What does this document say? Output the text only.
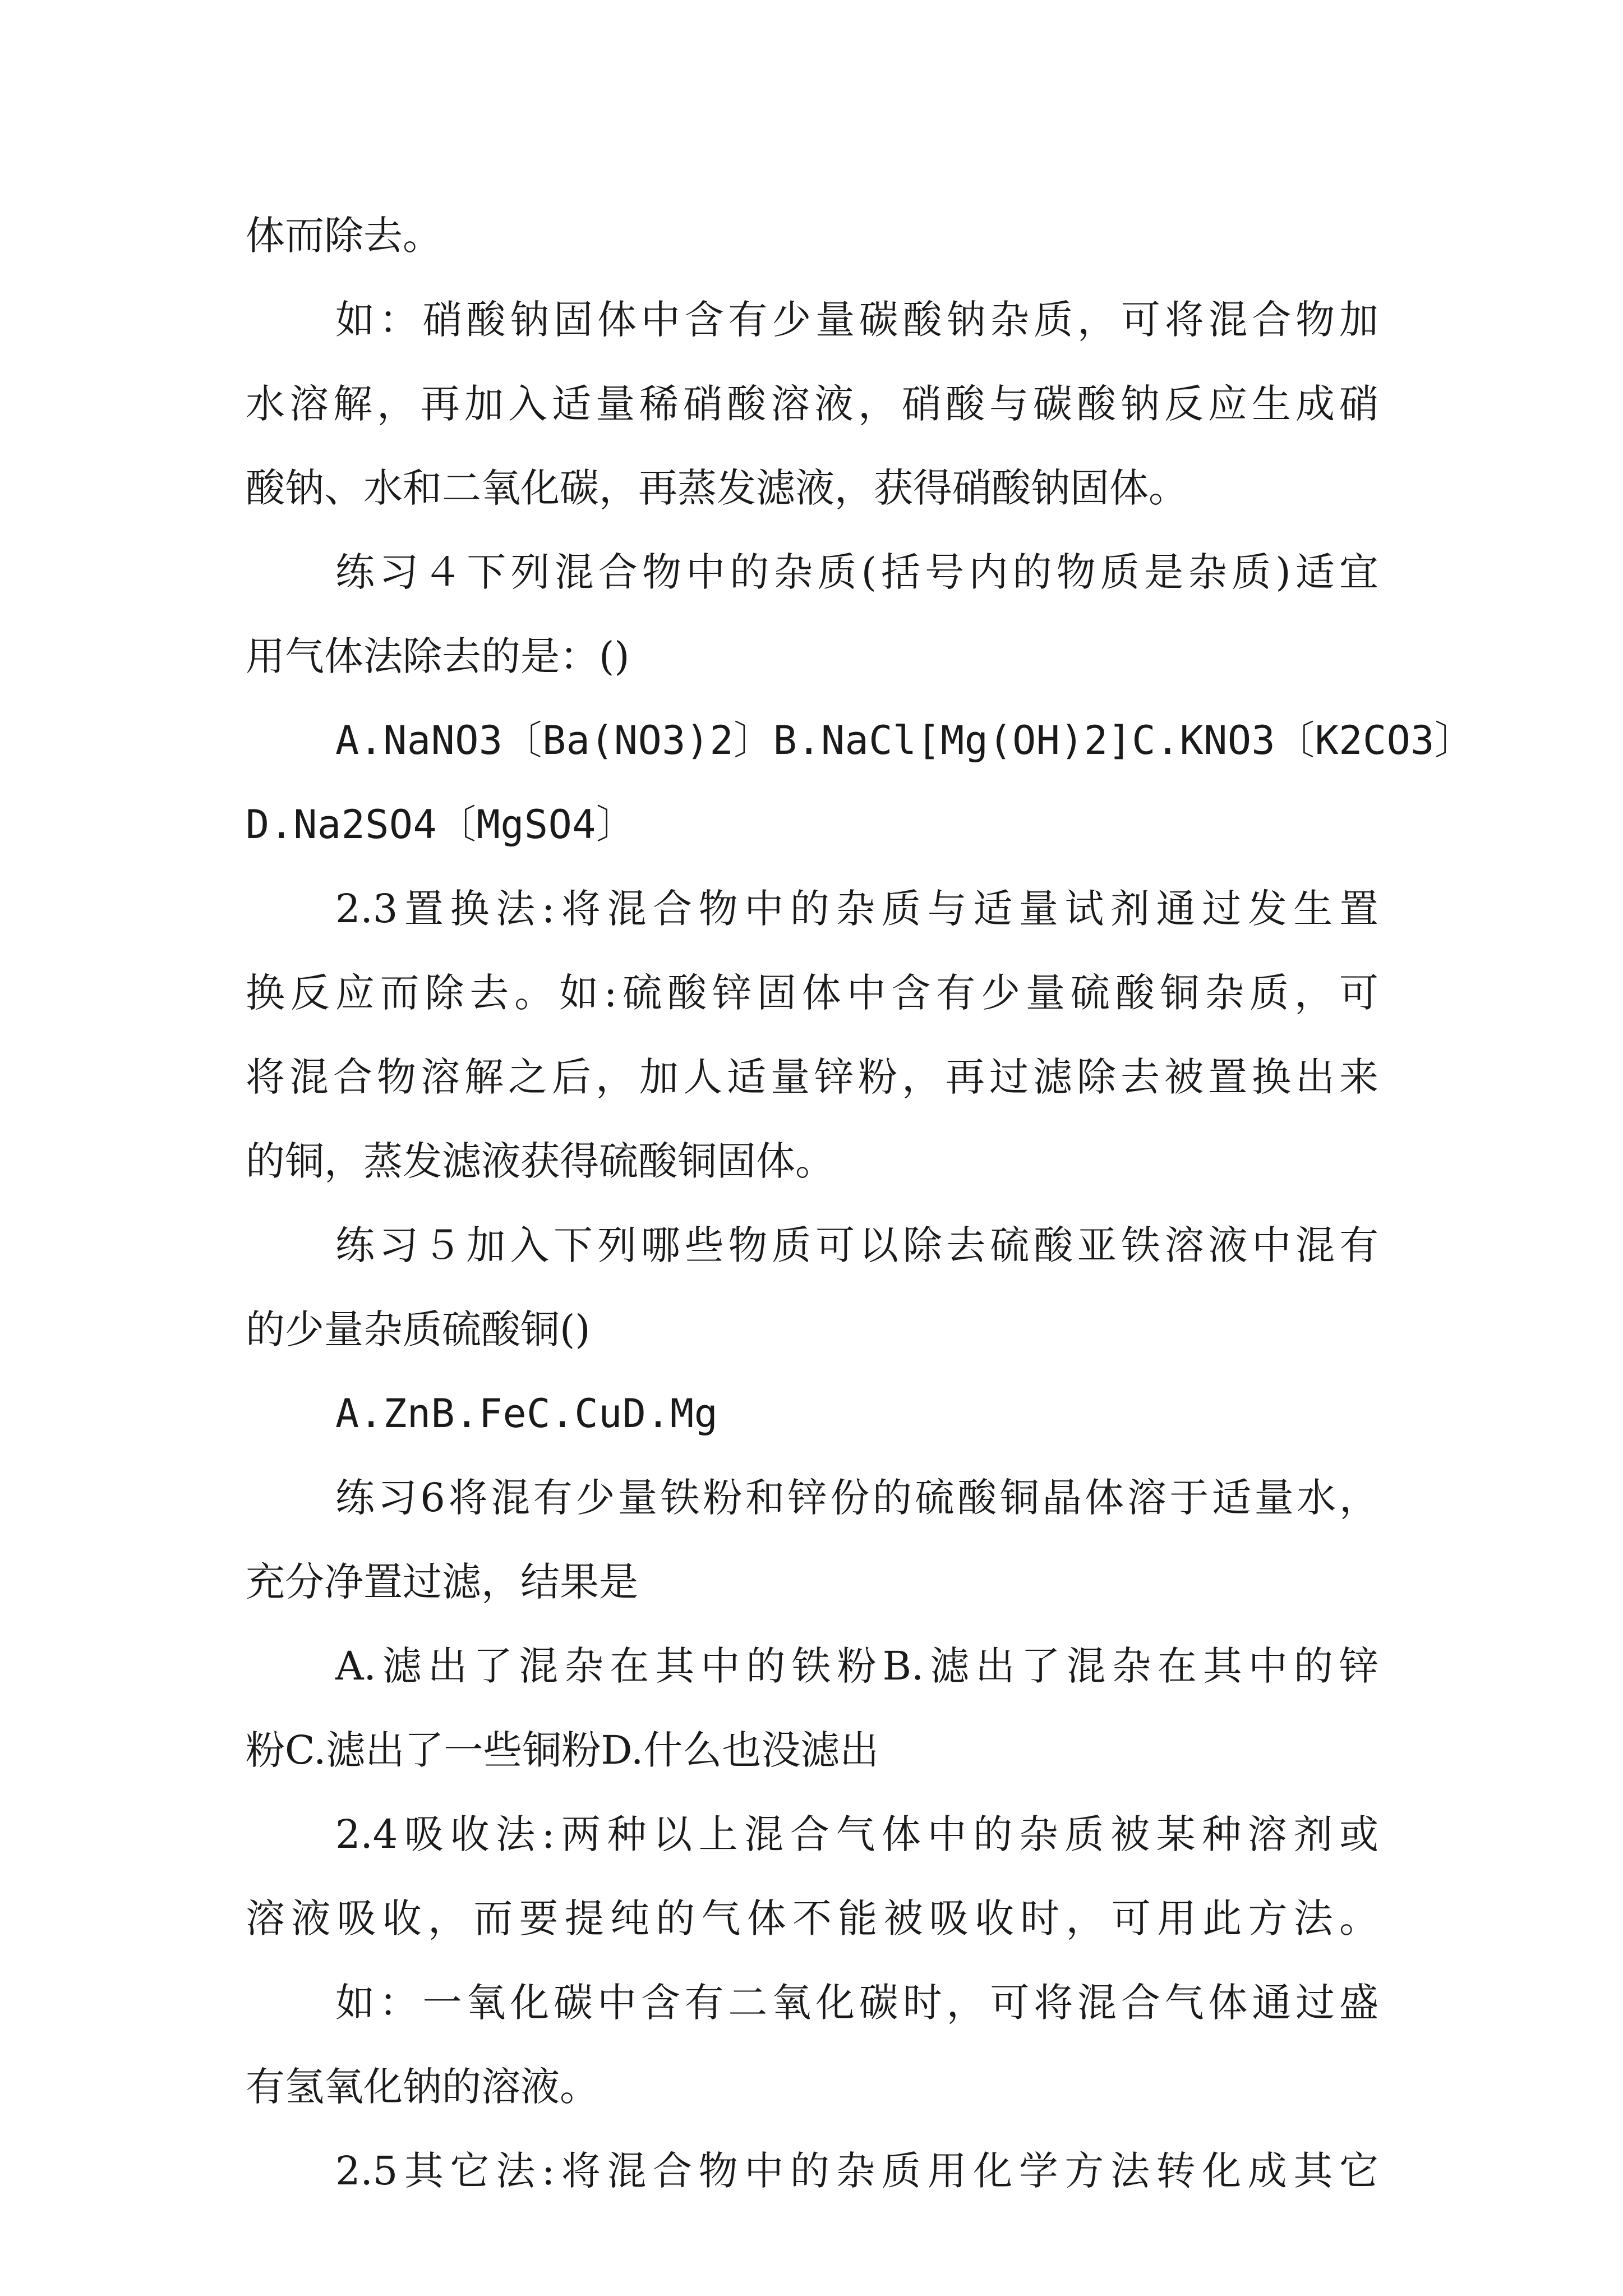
体而除去。
如：硝酸钠固体中含有少量碳酸钠杂质，可将混合物加
水溶解，再加入适量稀硝酸溶液，硝酸与碳酸钠反应生成硝
酸钠、水和二氧化碳，再蒸发滤液，获得硝酸钠固体。
练习４下列混合物中的杂质(括号内的物质是杂质)适宜
用气体法除去的是：()
A.NaNO3〔Ba(NO3)2〕B.NaCl[Mg(OH)2]C.KNO3〔K2CO3〕
D.Na2SO4〔MgSO4〕
2.3置换法:将混合物中的杂质与适量试剂通过发生置
换反应而除去。如:硫酸锌固体中含有少量硫酸铜杂质，可
将混合物溶解之后，加人适量锌粉，再过滤除去被置换出来
的铜，蒸发滤液获得硫酸铜固体。
练习５加入下列哪些物质可以除去硫酸亚铁溶液中混有
的少量杂质硫酸铜()
A.ZnB.FeC.CuD.Mg
练习6将混有少量铁粉和锌份的硫酸铜晶体溶于适量水，
充分净置过滤，结果是
A.滤出了混杂在其中的铁粉B.滤出了混杂在其中的锌
粉C.滤出了一些铜粉D.什么也没滤出
2.4吸收法:两种以上混合气体中的杂质被某种溶剂或
溶液吸收，而要提纯的气体不能被吸收时，可用此方法。
如：一氧化碳中含有二氧化碳时，可将混合气体通过盛
有氢氧化钠的溶液。
2.5其它法:将混合物中的杂质用化学方法转化成其它
